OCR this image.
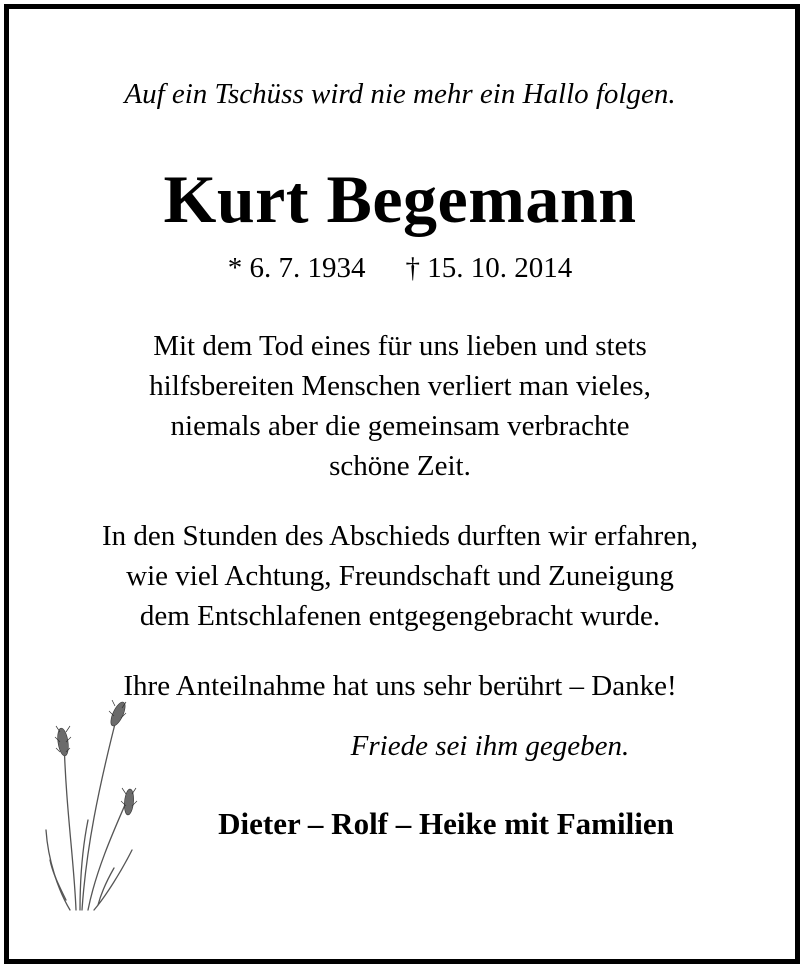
Auf ein Tschüss wird nie mehr ein Hallo folgen.
Kurt Begemann
* 6. 7. 1934 † 15. 10. 2014
Mit dem Tod eines für uns lieben und stets
hilfsbereiten Menschen verliert man vieles,
niemals aber die gemeinsam verbrachte
schöne Zeit.
In den Stunden des Abschieds durften wir erfahren,
wie viel Achtung, Freundschaft und Zuneigung
dem Entschlafenen entgegengebracht wurde.
Ihre Anteilnahme hat uns sehr berührt – Danke!
Friede sei ihm gegeben.
Dieter – Rolf – Heike mit Familien
